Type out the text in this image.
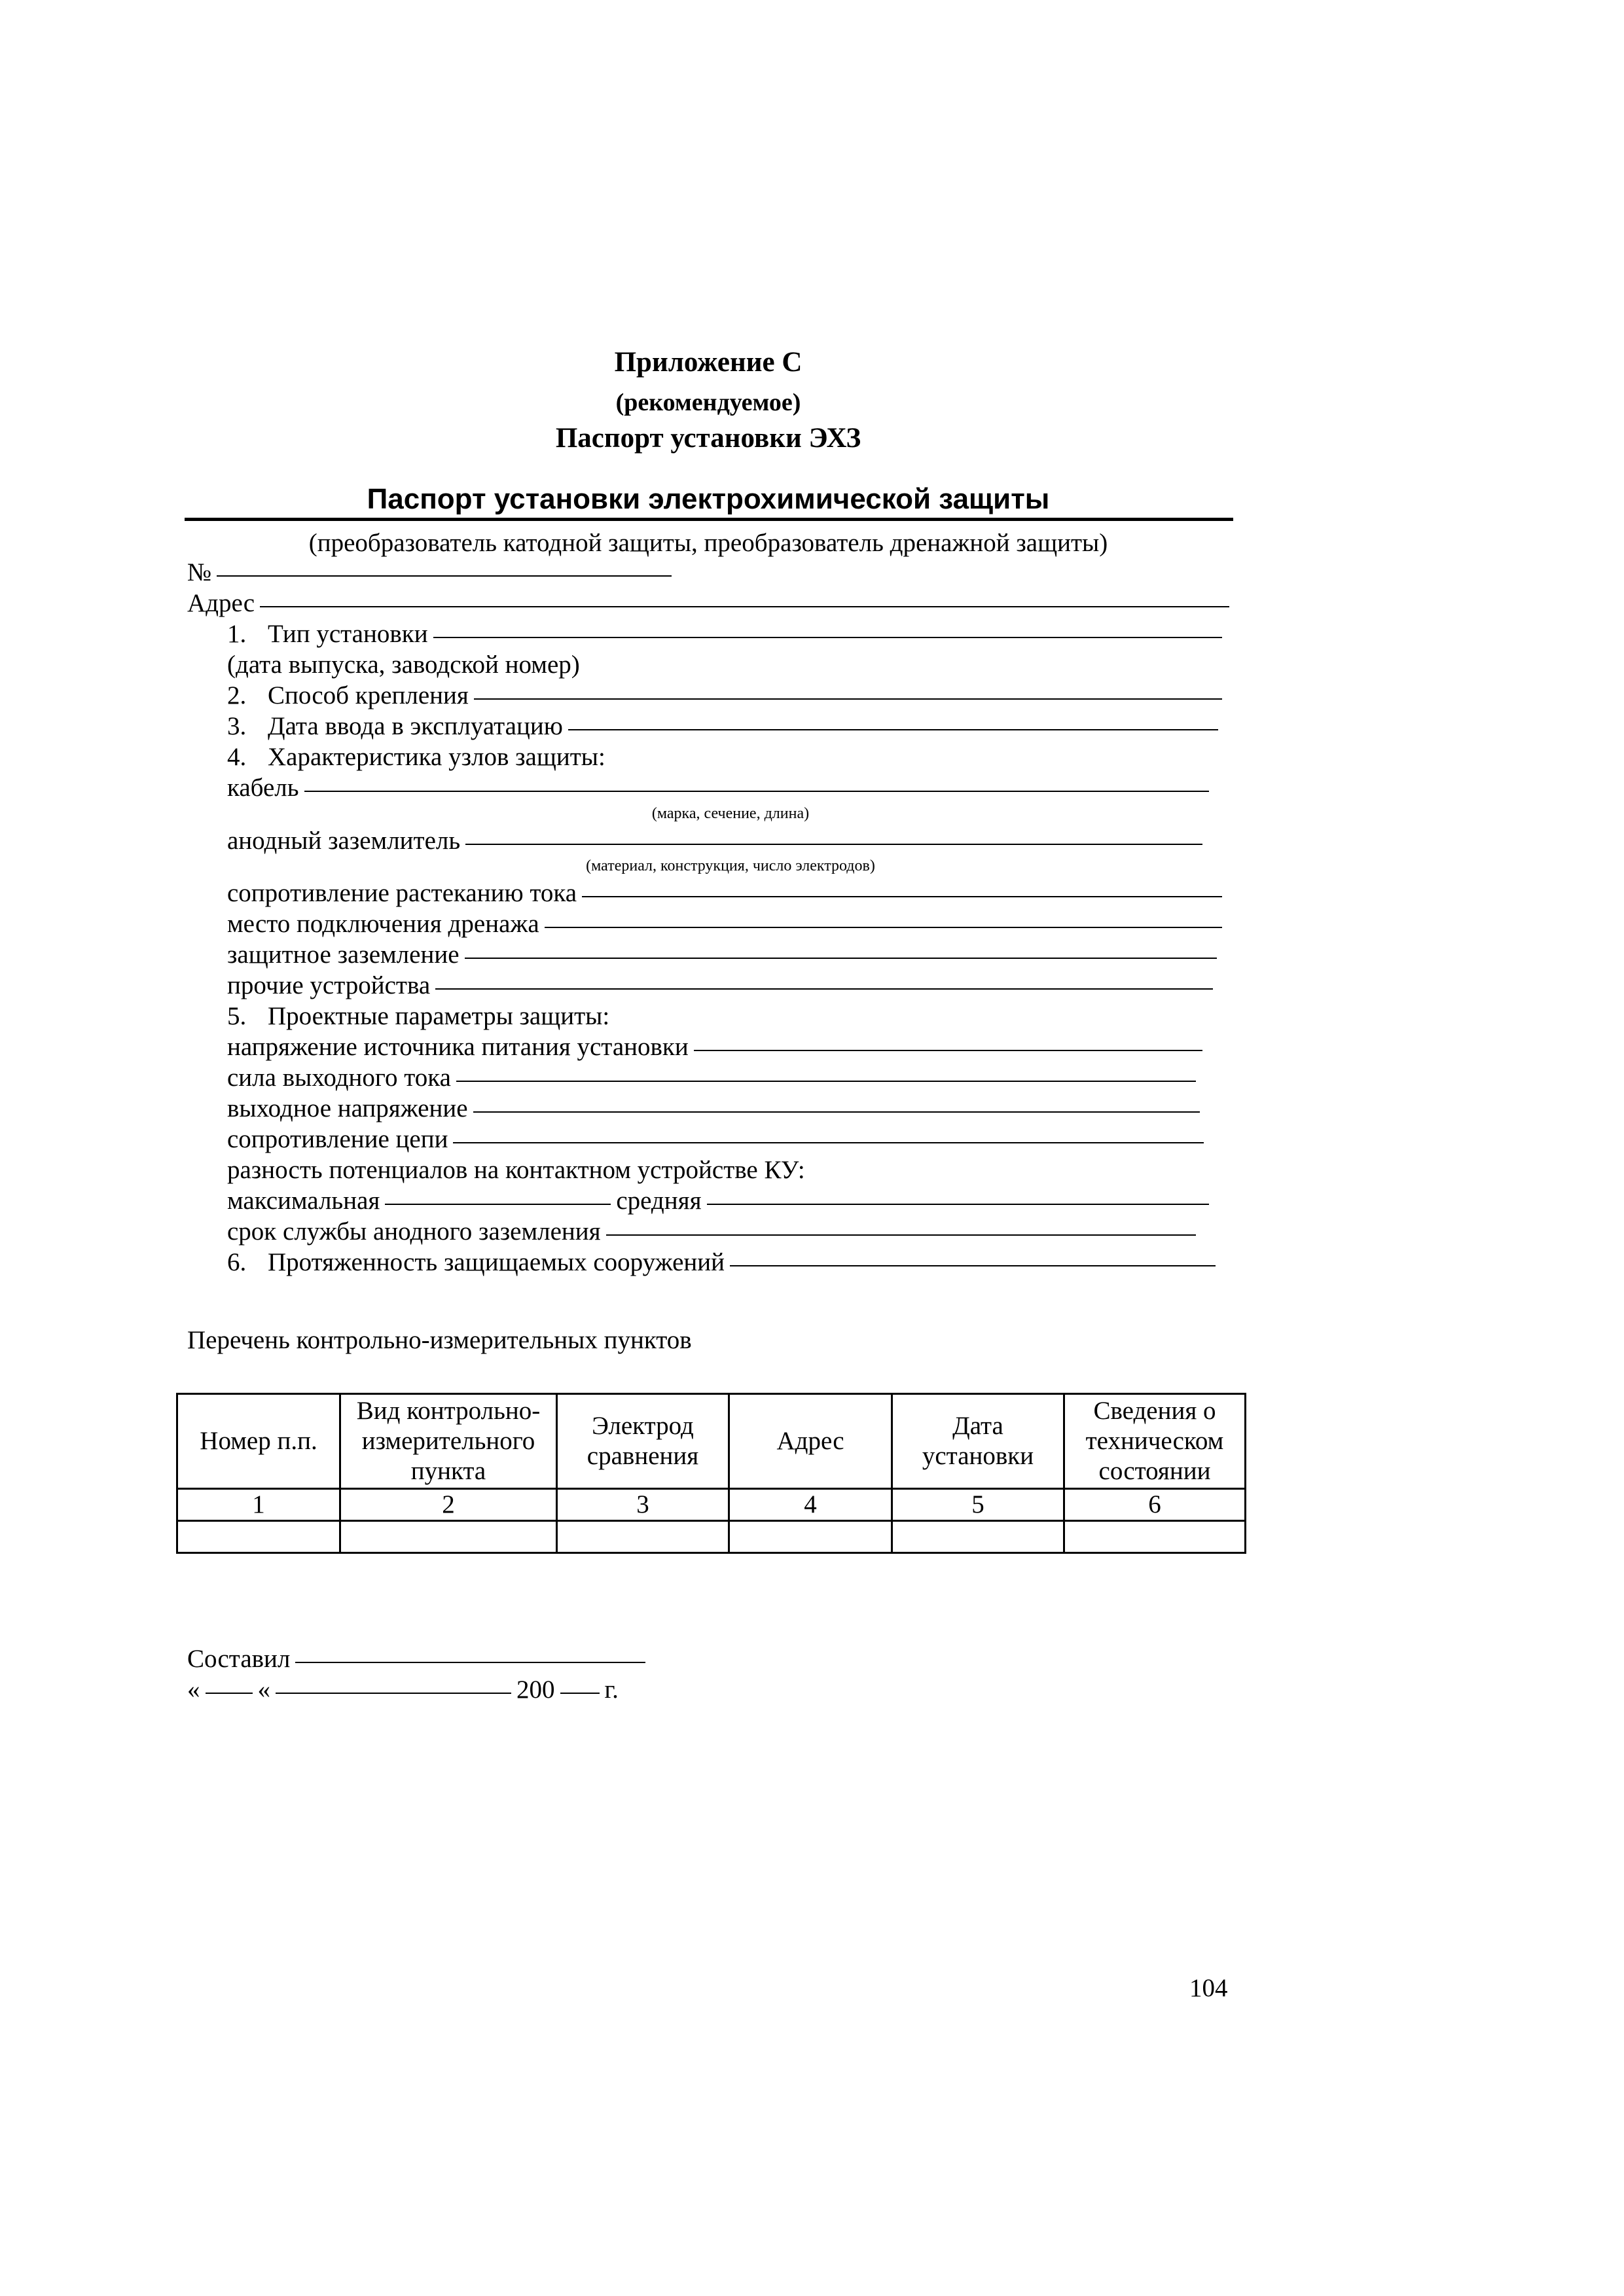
Приложение С
(рекомендуемое)
Паспорт установки ЭХЗ
Паспорт установки электрохимической защиты
(преобразователь катодной защиты, преобразователь дренажной защиты)
№
Адрес
1. Тип установки
(дата выпуска, заводской номер)
2. Способ крепления
3. Дата ввода в эксплуатацию
4. Характеристика узлов защиты:
кабель
(марка, сечение, длина)
анодный заземлитель
(материал, конструкция, число электродов)
сопротивление растеканию тока
место подключения дренажа
защитное заземление
прочие устройства
5. Проектные параметры защиты:
напряжение источника питания установки
сила выходного тока
выходное напряжение
сопротивление цепи
разность потенциалов на контактном устройстве КУ:
максимальная	средняя
срок службы анодного заземления
6. Протяженность защищаемых сооружений
Перечень контрольно-измерительных пунктов
Номер п.п.	Вид контрольно-измерительного пункта	Электрод сравнения	Адрес	Дата установки	Сведения о техническом состоянии
1	2	3	4	5	6

Составил
« «	200 г.
104
